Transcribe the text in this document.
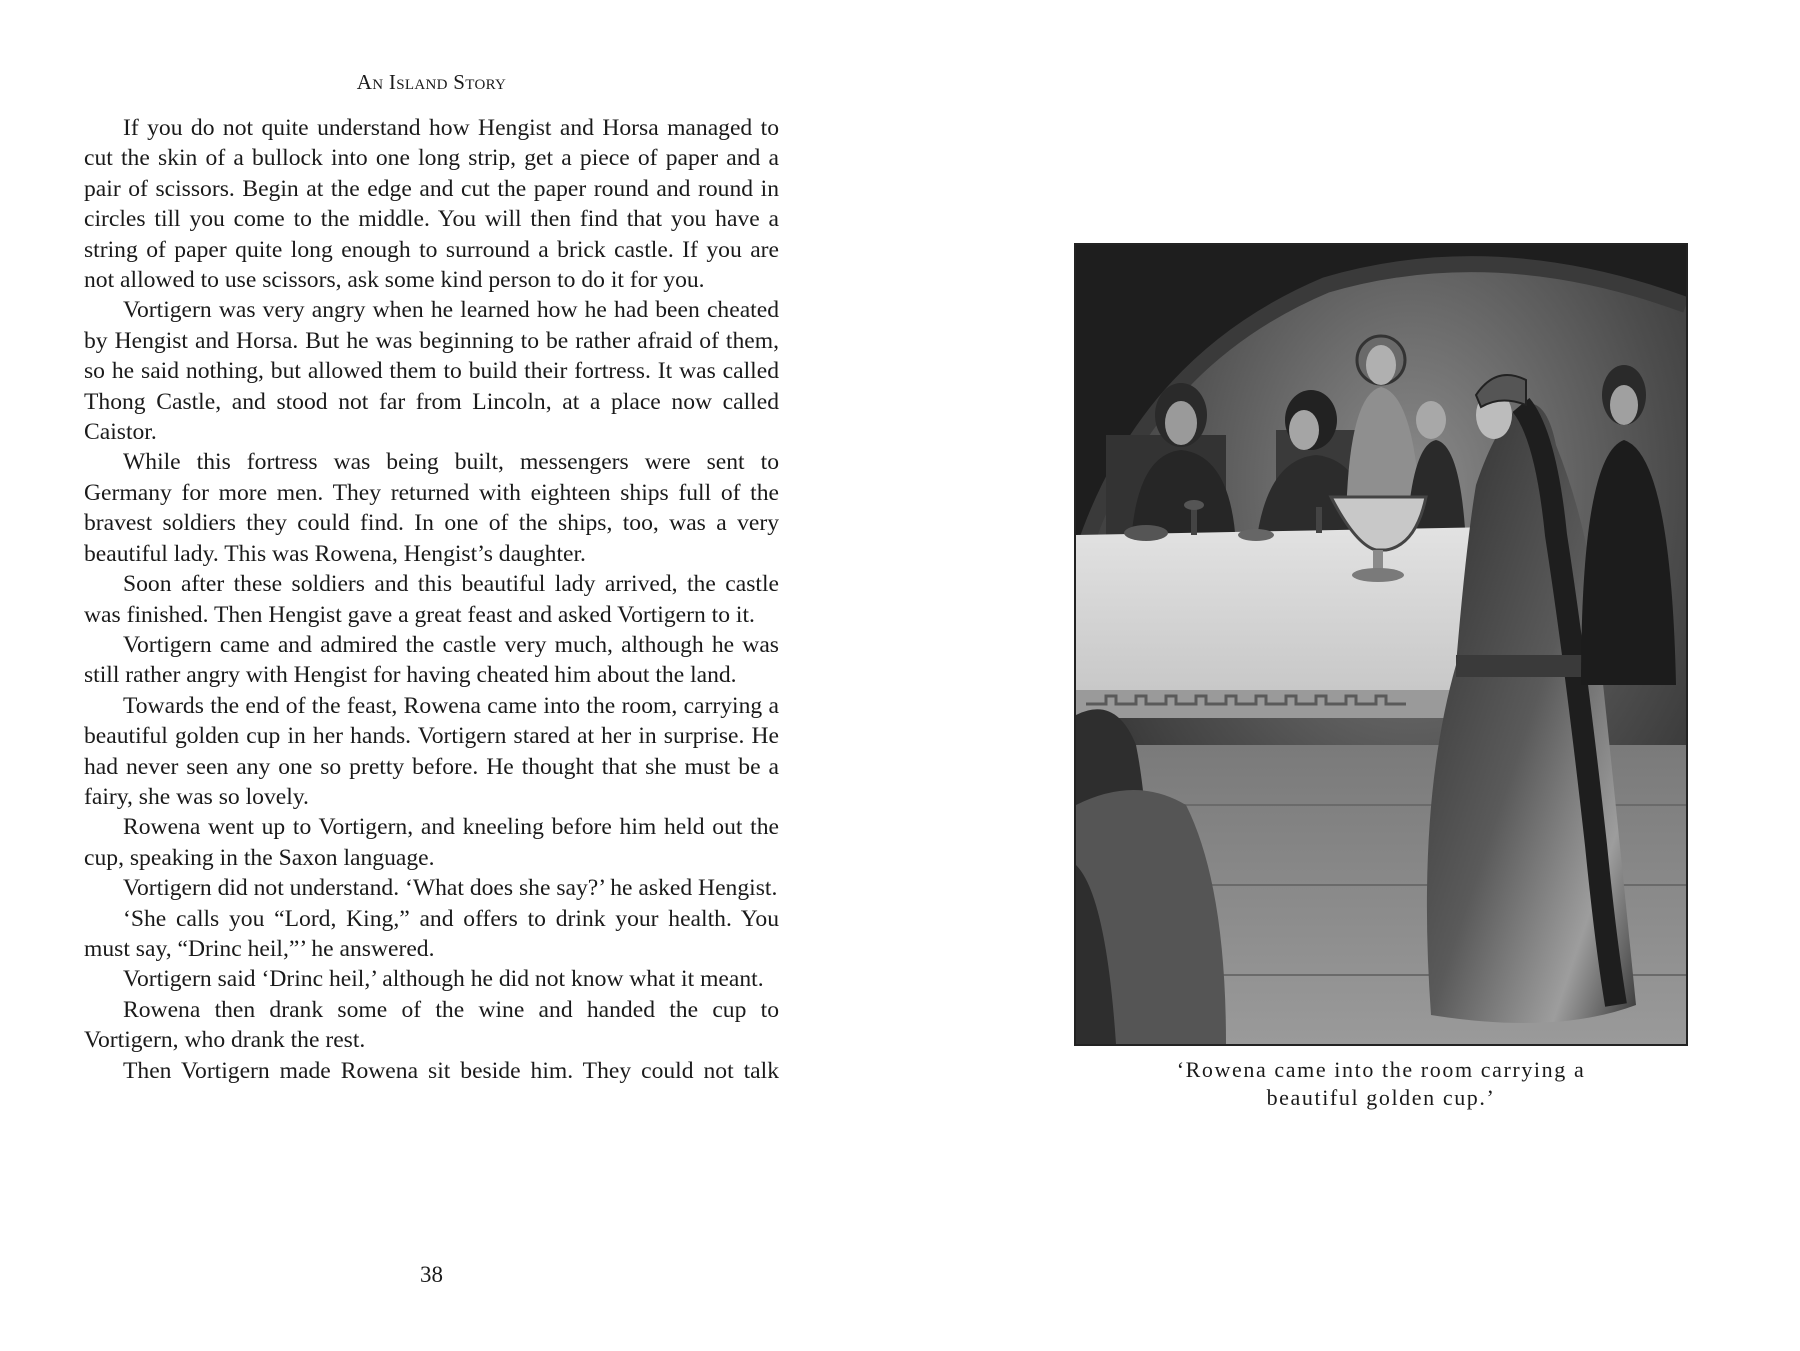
An Island Story

If you do not quite understand how Hengist and Horsa managed to cut the skin of a bullock into one long strip, get a piece of paper and a pair of scissors. Begin at the edge and cut the paper round and round in circles till you come to the middle. You will then find that you have a string of paper quite long enough to surround a brick castle. If you are not allowed to use scissors, ask some kind person to do it for you.

Vortigern was very angry when he learned how he had been cheated by Hengist and Horsa. But he was beginning to be rather afraid of them, so he said nothing, but allowed them to build their fortress. It was called Thong Castle, and stood not far from Lincoln, at a place now called Caistor.

While this fortress was being built, messengers were sent to Germany for more men. They returned with eighteen ships full of the bravest soldiers they could find. In one of the ships, too, was a very beautiful lady. This was Rowena, Hengist’s daughter.

Soon after these soldiers and this beautiful lady arrived, the castle was finished. Then Hengist gave a great feast and asked Vortigern to it.

Vortigern came and admired the castle very much, although he was still rather angry with Hengist for having cheated him about the land.

Towards the end of the feast, Rowena came into the room, carrying a beautiful golden cup in her hands. Vortigern stared at her in surprise. He had never seen any one so pretty before. He thought that she must be a fairy, she was so lovely.

Rowena went up to Vortigern, and kneeling before him held out the cup, speaking in the Saxon language.

Vortigern did not understand. ‘What does she say?’ he asked Hengist.

‘She calls you “Lord, King,” and offers to drink your health. You must say, “Drinc heil,”’ he answered.

Vortigern said ‘Drinc heil,’ although he did not know what it meant.

Rowena then drank some of the wine and handed the cup to Vortigern, who drank the rest.

Then Vortigern made Rowena sit beside him. They could not talk

38
‘Rowena came into the room carrying a
beautiful golden cup.’
